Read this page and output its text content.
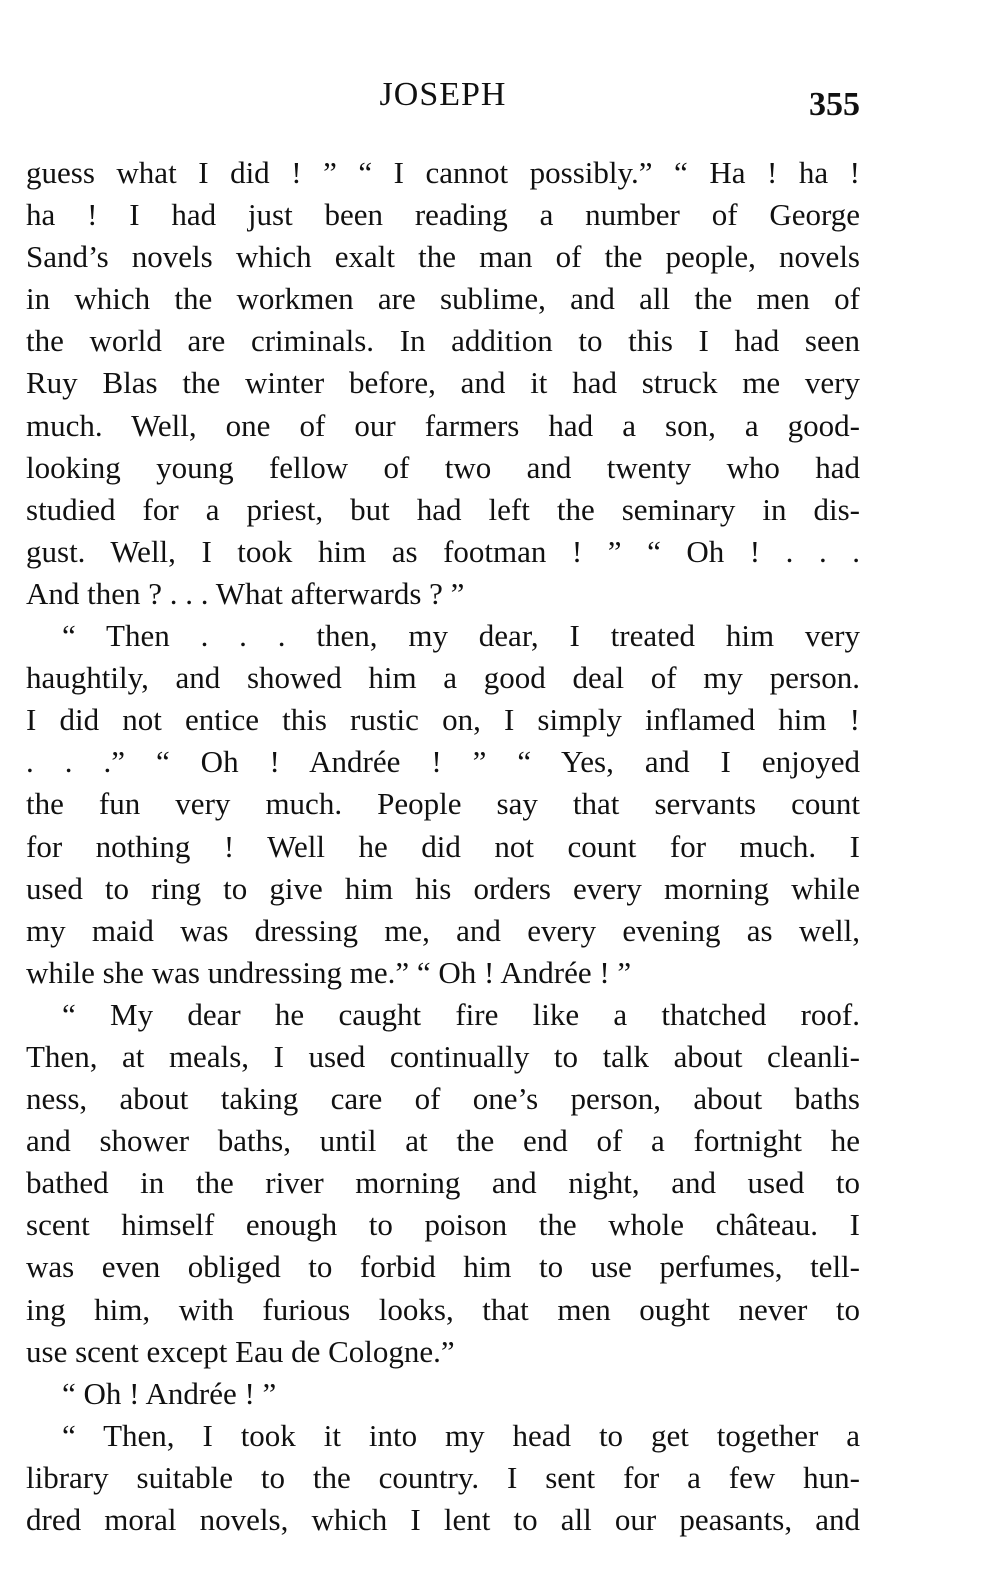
JOSEPH	355
guess what I did ! ” “ I cannot possibly.” “ Ha ! ha !
ha ! I had just been reading a number of George
Sand’s novels which exalt the man of the people, novels
in which the workmen are sublime, and all the men of
the world are criminals. In addition to this I had seen
Ruy Blas the winter before, and it had struck me very
much. Well, one of our farmers had a son, a good-
looking young fellow of two and twenty who had
studied for a priest, but had left the seminary in dis-
gust. Well, I took him as footman ! ” “ Oh ! . . .
And then ? . . . What afterwards ? ”
“ Then . . . then, my dear, I treated him very
haughtily, and showed him a good deal of my person.
I did not entice this rustic on, I simply inflamed him !
. . .” “ Oh ! Andrée ! ” “ Yes, and I enjoyed
the fun very much. People say that servants count
for nothing ! Well he did not count for much. I
used to ring to give him his orders every morning while
my maid was dressing me, and every evening as well,
while she was undressing me.” “ Oh ! Andrée ! ”
“ My dear he caught fire like a thatched roof.
Then, at meals, I used continually to talk about cleanli-
ness, about taking care of one’s person, about baths
and shower baths, until at the end of a fortnight he
bathed in the river morning and night, and used to
scent himself enough to poison the whole château. I
was even obliged to forbid him to use perfumes, tell-
ing him, with furious looks, that men ought never to
use scent except Eau de Cologne.”
“ Oh ! Andrée ! ”
“ Then, I took it into my head to get together a
library suitable to the country. I sent for a few hun-
dred moral novels, which I lent to all our peasants, and
